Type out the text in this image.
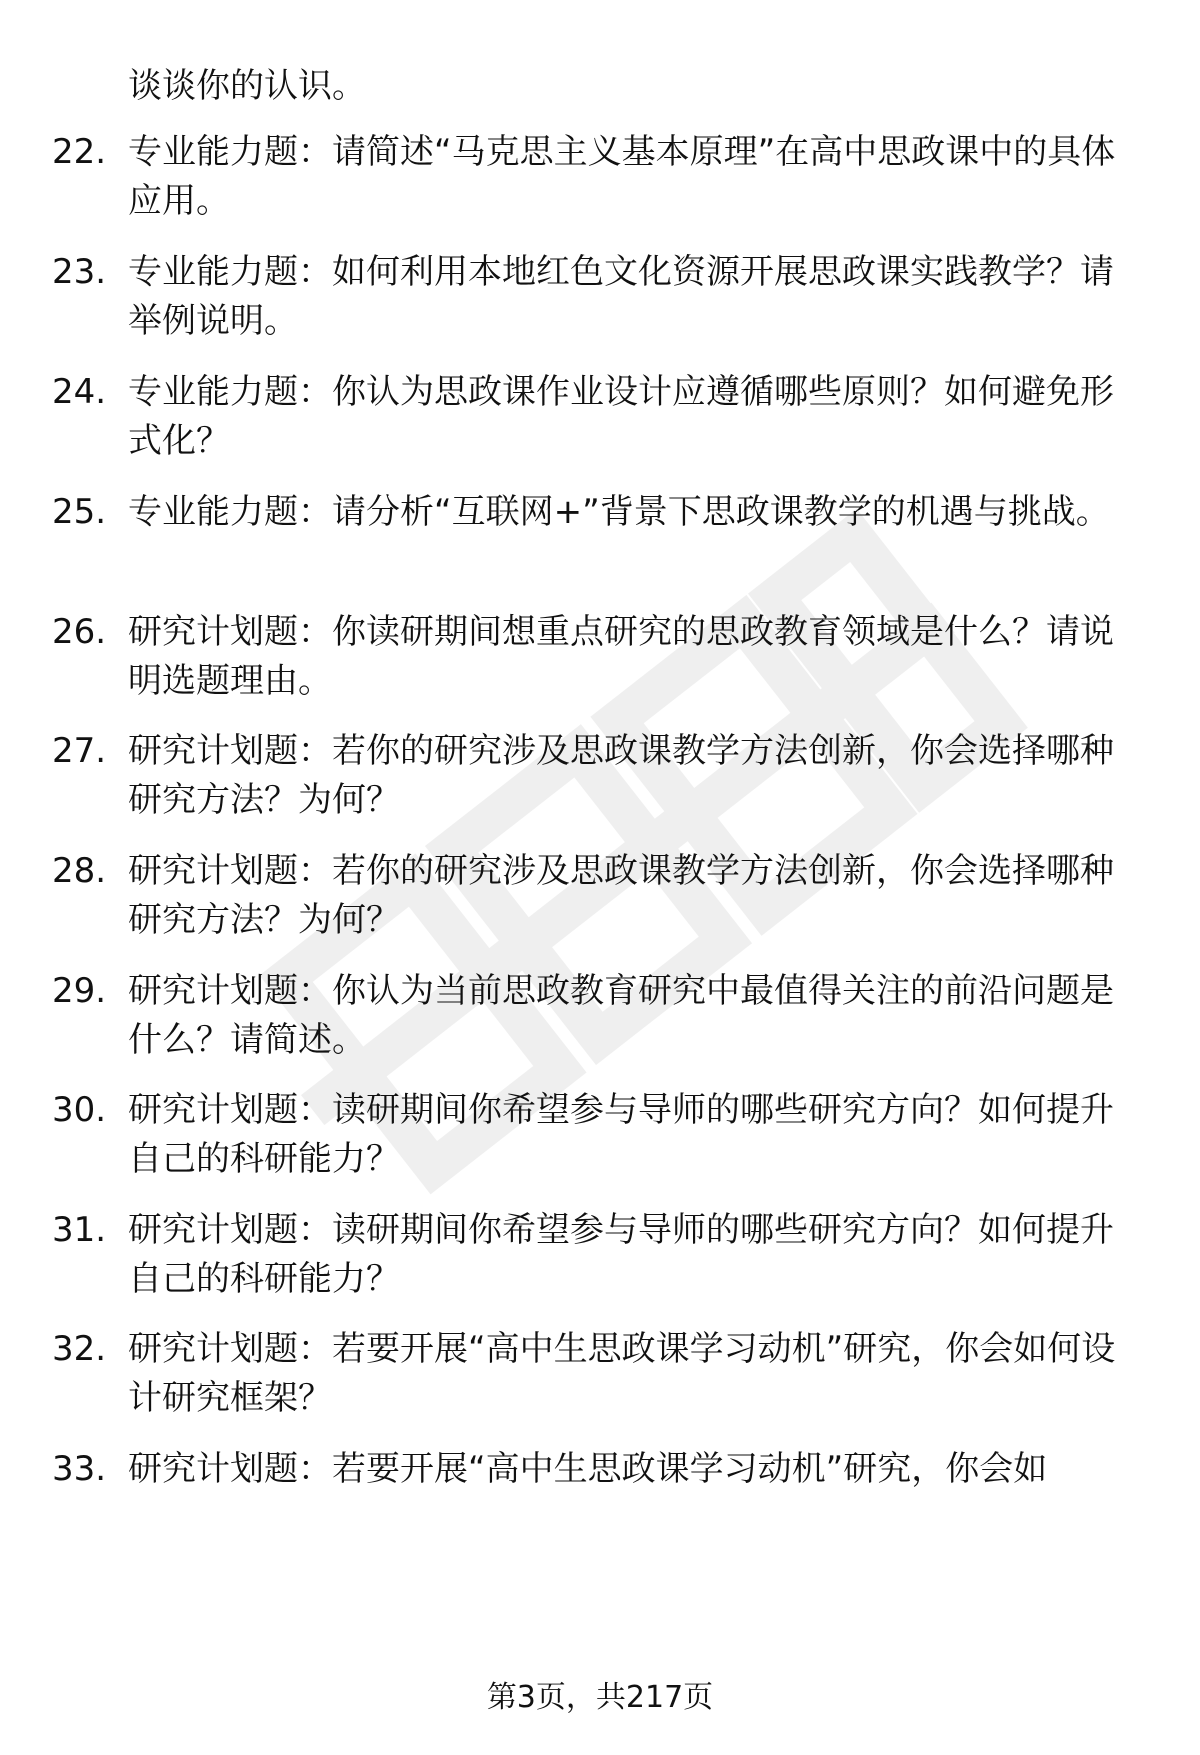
谈谈你的认识。
22. 专业能力题：请简述“马克思主义基本原理”在高中思政课中的具体应用。
23. 专业能力题：如何利用本地红色文化资源开展思政课实践教学？请举例说明。
24. 专业能力题：你认为思政课作业设计应遵循哪些原则？如何避免形式化？
25. 专业能力题：请分析“互联网+”背景下思政课教学的机遇与挑战。
26. 研究计划题：你读研期间想重点研究的思政教育领域是什么？请说明选题理由。
27. 研究计划题：若你的研究涉及思政课教学方法创新，你会选择哪种研究方法？为何？
28. 研究计划题：若你的研究涉及思政课教学方法创新，你会选择哪种研究方法？为何？
29. 研究计划题：你认为当前思政教育研究中最值得关注的前沿问题是什么？请简述。
30. 研究计划题：读研期间你希望参与导师的哪些研究方向？如何提升自己的科研能力？
31. 研究计划题：读研期间你希望参与导师的哪些研究方向？如何提升自己的科研能力？
32. 研究计划题：若要开展“高中生思政课学习动机”研究，你会如何设计研究框架？
33. 研究计划题：若要开展“高中生思政课学习动机”研究，你会如
第3页，共217页
